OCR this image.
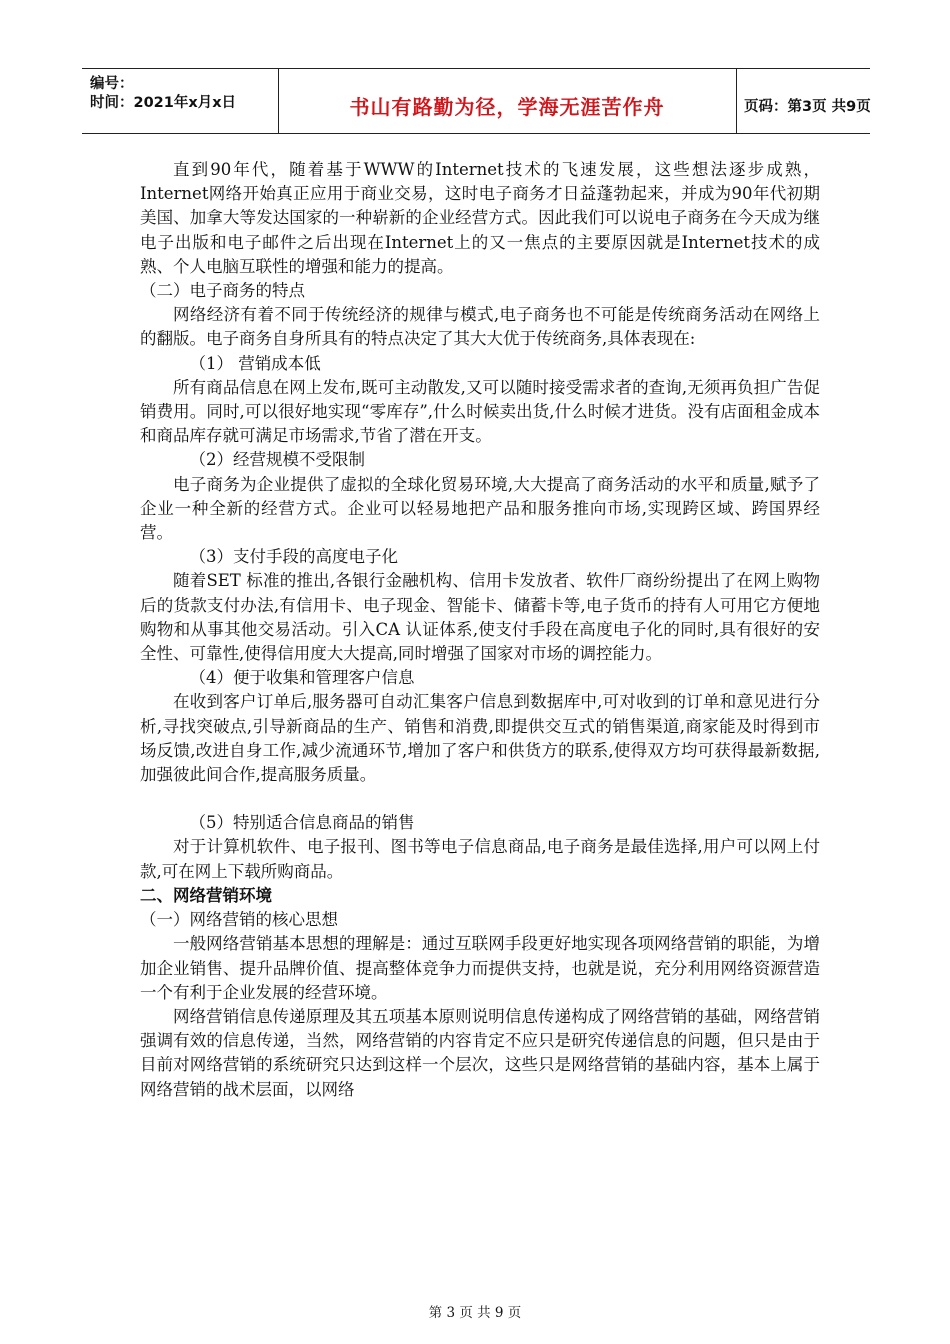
编号：
时间：2021年x月x日	书山有路勤为径，学海无涯苦作舟	页码：第3页 共9页

直到90年代，随着基于WWW的Internet技术的飞速发展，这些想法逐步成熟，Internet网络开始真正应用于商业交易，这时电子商务才日益蓬勃起来，并成为90年代初期美国、加拿大等发达国家的一种崭新的企业经营方式。因此我们可以说电子商务在今天成为继电子出版和电子邮件之后出现在Internet上的又一焦点的主要原因就是Internet技术的成熟、个人电脑互联性的增强和能力的提高。

（二）电子商务的特点

网络经济有着不同于传统经济的规律与模式,电子商务也不可能是传统商务活动在网络上的翻版。电子商务自身所具有的特点决定了其大大优于传统商务,具体表现在:

（1） 营销成本低

所有商品信息在网上发布,既可主动散发,又可以随时接受需求者的查询,无须再负担广告促销费用。同时,可以很好地实现“零库存”,什么时候卖出货,什么时候才进货。没有店面租金成本和商品库存就可满足市场需求,节省了潜在开支。

（2）经营规模不受限制

电子商务为企业提供了虚拟的全球化贸易环境,大大提高了商务活动的水平和质量,赋予了企业一种全新的经营方式。企业可以轻易地把产品和服务推向市场,实现跨区域、跨国界经营。

（3）支付手段的高度电子化

随着SET 标准的推出,各银行金融机构、信用卡发放者、软件厂商纷纷提出了在网上购物后的货款支付办法,有信用卡、电子现金、智能卡、储蓄卡等,电子货币的持有人可用它方便地购物和从事其他交易活动。引入CA 认证体系,使支付手段在高度电子化的同时,具有很好的安全性、可靠性,使得信用度大大提高,同时增强了国家对市场的调控能力。

（4）便于收集和管理客户信息

在收到客户订单后,服务器可自动汇集客户信息到数据库中,可对收到的订单和意见进行分析,寻找突破点,引导新商品的生产、销售和消费,即提供交互式的销售渠道,商家能及时得到市场反馈,改进自身工作,减少流通环节,增加了客户和供货方的联系,使得双方均可获得最新数据,加强彼此间合作,提高服务质量。

（5）特别适合信息商品的销售

对于计算机软件、电子报刊、图书等电子信息商品,电子商务是最佳选择,用户可以网上付款,可在网上下载所购商品。

二、网络营销环境

（一）网络营销的核心思想

一般网络营销基本思想的理解是：通过互联网手段更好地实现各项网络营销的职能，为增加企业销售、提升品牌价值、提高整体竞争力而提供支持，也就是说，充分利用网络资源营造一个有利于企业发展的经营环境。

网络营销信息传递原理及其五项基本原则说明信息传递构成了网络营销的基础，网络营销强调有效的信息传递，当然，网络营销的内容肯定不应只是研究传递信息的问题，但只是由于目前对网络营销的系统研究只达到这样一个层次，这些只是网络营销的基础内容，基本上属于网络营销的战术层面，以网络

第 3 页 共 9 页
